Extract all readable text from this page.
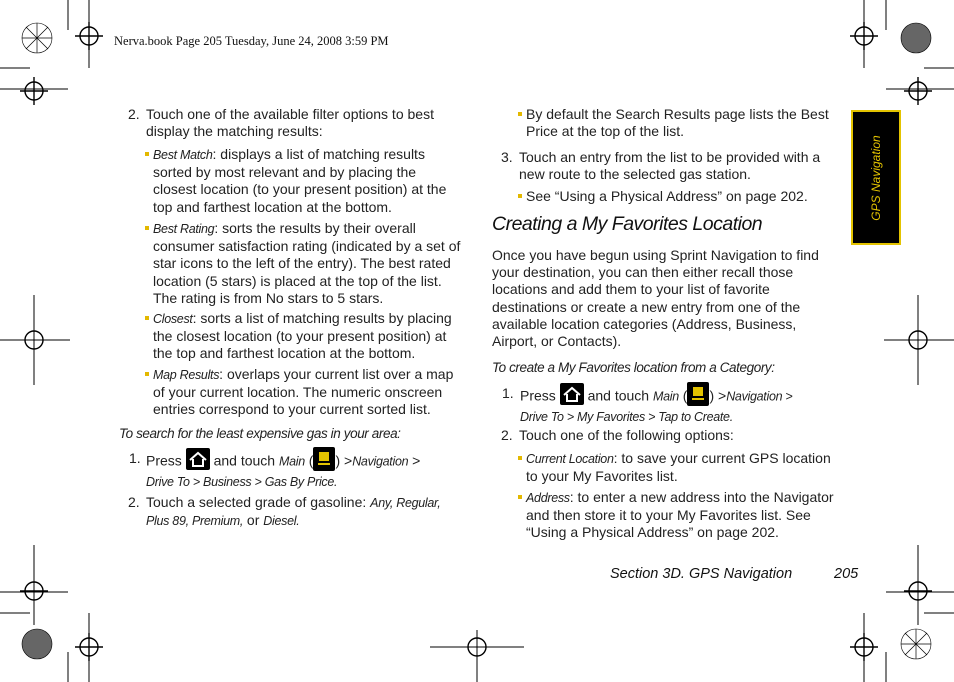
Nerva.book Page 205 Tuesday, June 24, 2008 3:59 PM
GPS Navigation
2. Touch one of the available filter options to best
display the matching results:
Best Match: displays a list of matching results
sorted by most relevant and by placing the
closest location (to your present position) at the
top and farthest location at the bottom.
Best Rating: sorts the results by their overall
consumer satisfaction rating (indicated by a set of
star icons to the left of the entry). The best rated
location (5 stars) is placed at the top of the list.
The rating is from No stars to 5 stars.
Closest: sorts a list of matching results by placing
the closest location (to your present position) at
the top and farthest location at the bottom.
Map Results: overlaps your current list over a map
of your current location. The numeric onscreen
entries correspond to your current sorted list.
To search for the least expensive gas in your area:
1. Press and touch Main ( ) >Navigation >
Drive To > Business > Gas By Price.
2. Touch a selected grade of gasoline: Any, Regular,
Plus 89, Premium, or Diesel.
By default the Search Results page lists the Best
Price at the top of the list.
3. Touch an entry from the list to be provided with a
new route to the selected gas station.
See “Using a Physical Address” on page 202.
Creating a My Favorites Location
Once you have begun using Sprint Navigation to find
your destination, you can then either recall those
locations and add them to your list of favorite
destinations or create a new entry from one of the
available location categories (Address, Business,
Airport, or Contacts).
To create a My Favorites location from a Category:
1. Press and touch Main ( ) >Navigation >
Drive To > My Favorites > Tap to Create.
2. Touch one of the following options:
Current Location: to save your current GPS location
to your My Favorites list.
Address: to enter a new address into the Navigator
and then store it to your My Favorites list. See
“Using a Physical Address” on page 202.
Section 3D. GPS Navigation	205
